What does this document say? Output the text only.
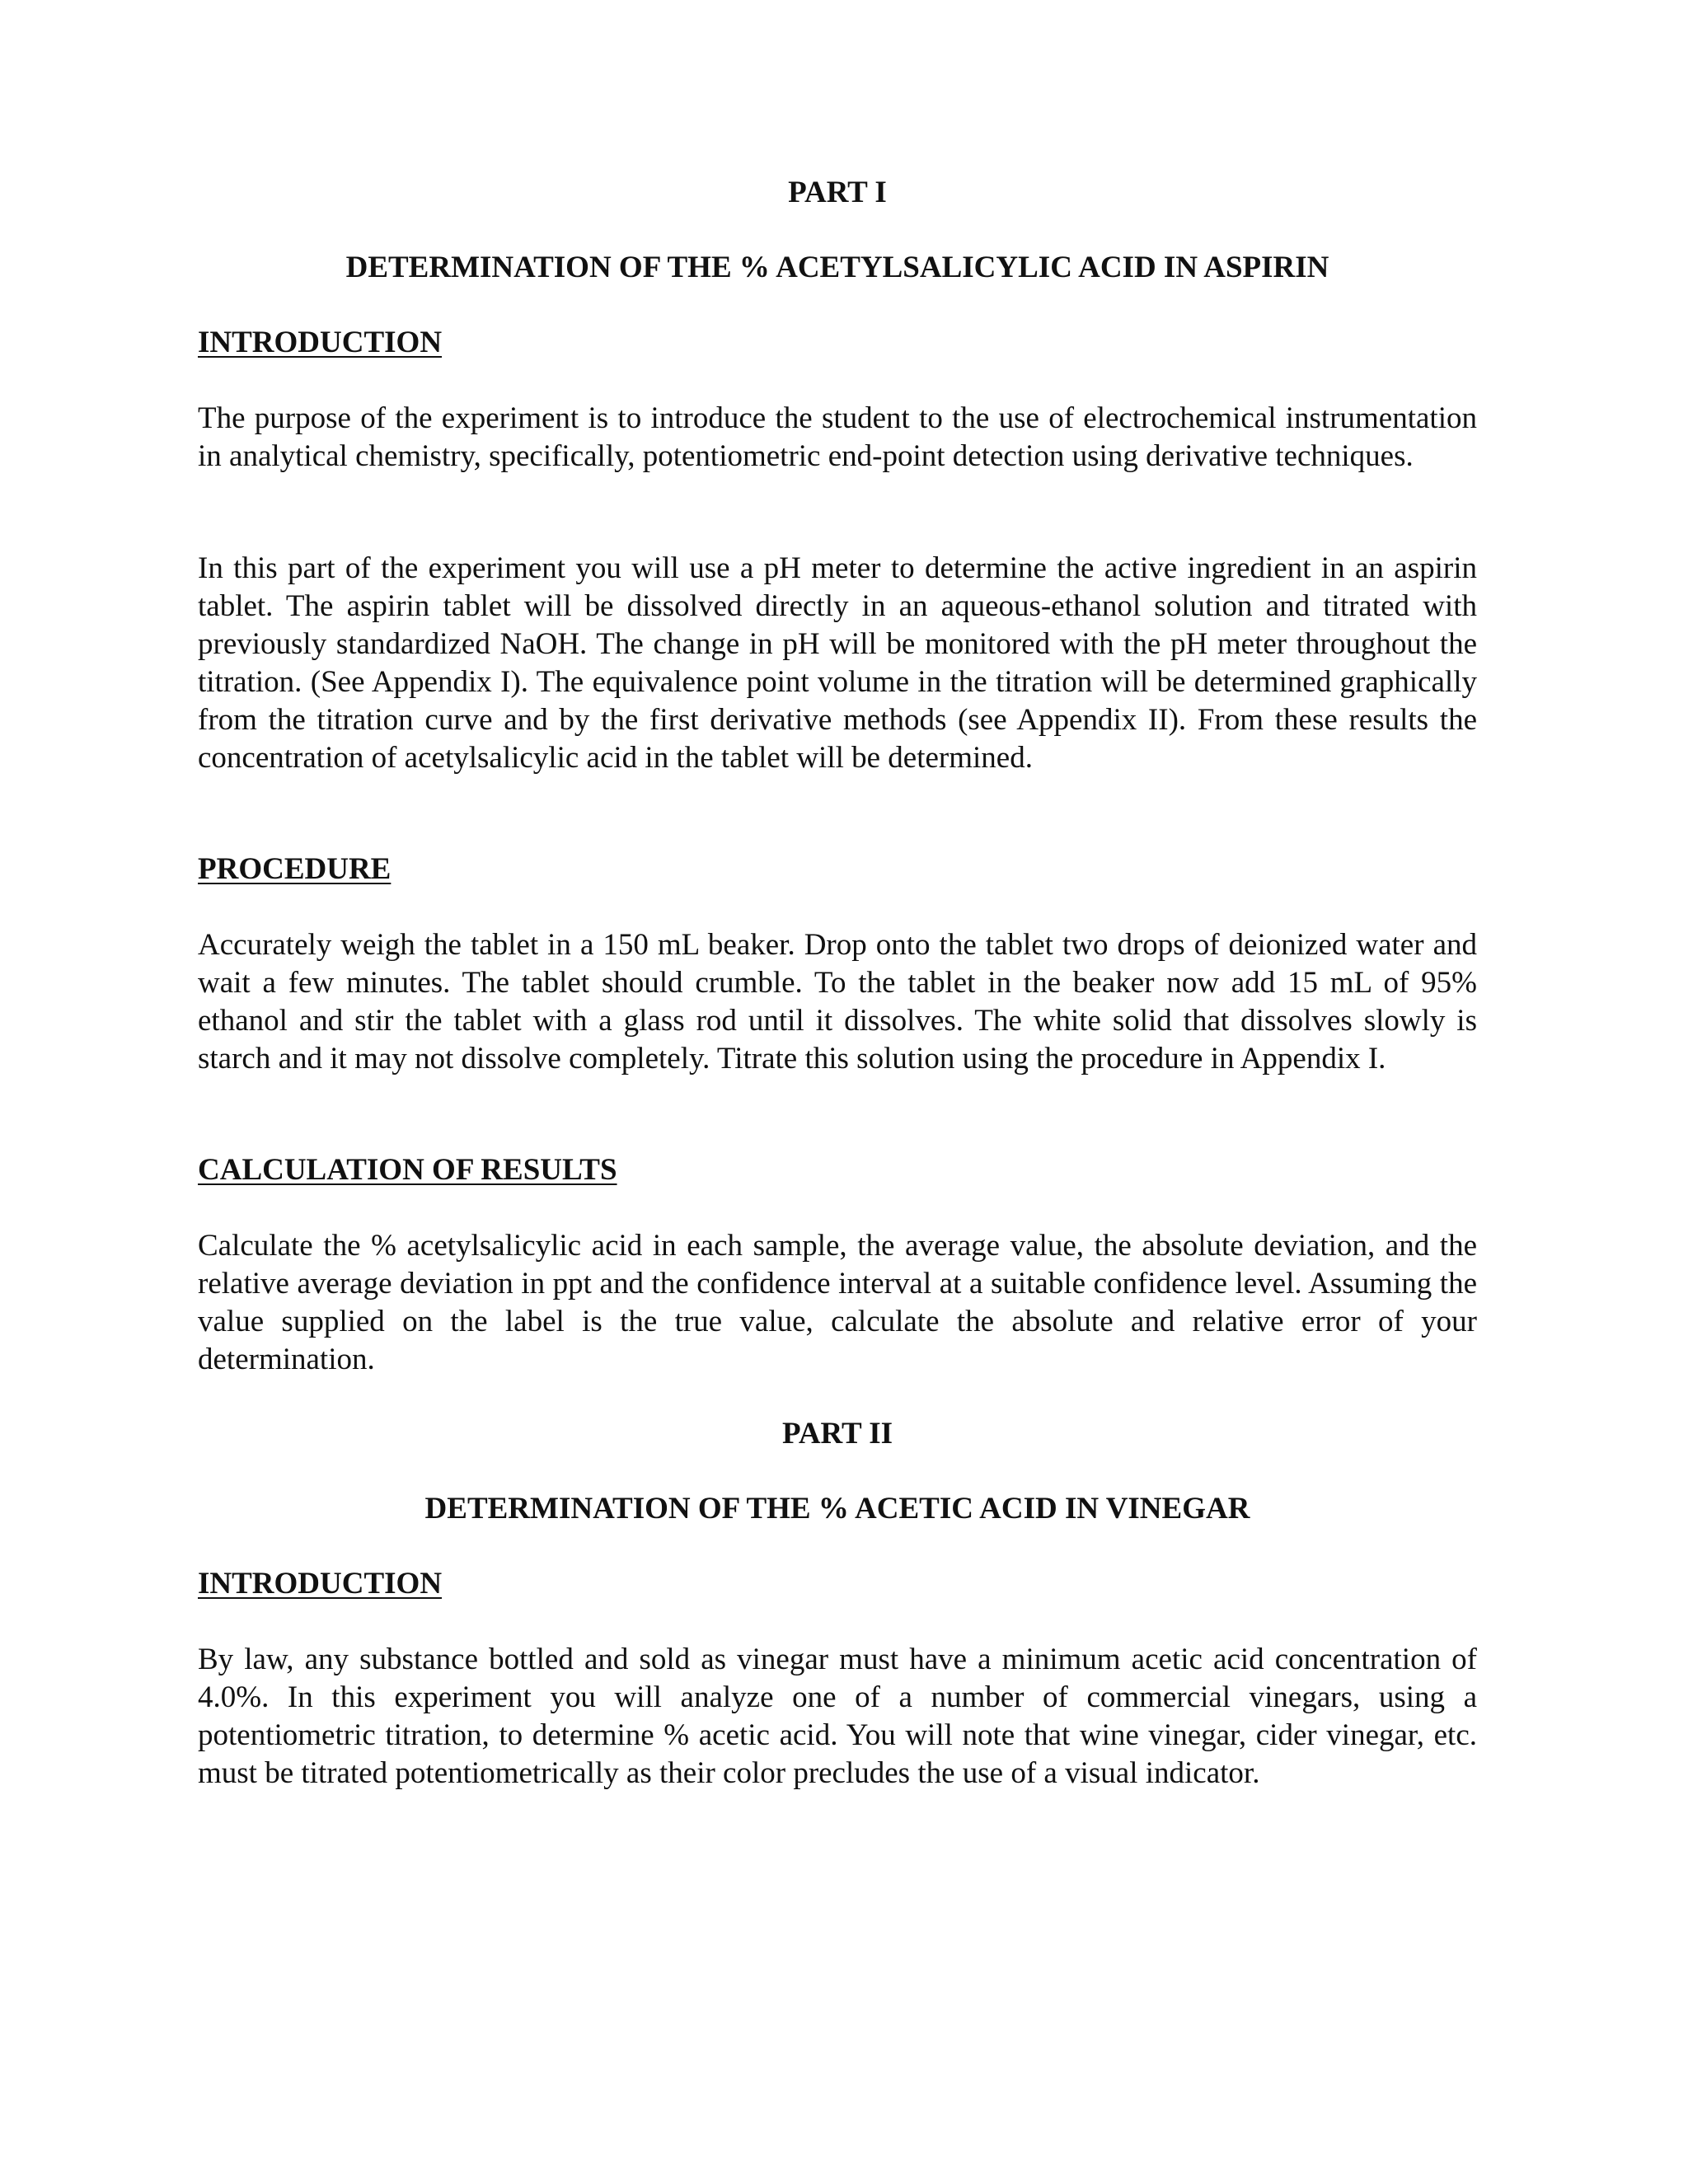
PART I
DETERMINATION OF THE % ACETYLSALICYLIC ACID IN ASPIRIN
INTRODUCTION

The purpose of the experiment is to introduce the student to the use of electrochemical instrumentation in analytical chemistry, specifically, potentiometric end-point detection using derivative techniques.

In this part of the experiment you will use a pH meter to determine the active ingredient in an aspirin tablet. The aspirin tablet will be dissolved directly in an aqueous-ethanol solution and titrated with previously standardized NaOH. The change in pH will be monitored with the pH meter throughout the titration. (See Appendix I). The equivalence point volume in the titration will be determined graphically from the titration curve and by the first derivative methods (see Appendix II). From these results the concentration of acetylsalicylic acid in the tablet will be determined.

PROCEDURE

Accurately weigh the tablet in a 150 mL beaker. Drop onto the tablet two drops of deionized water and wait a few minutes. The tablet should crumble. To the tablet in the beaker now add 15 mL of 95% ethanol and stir the tablet with a glass rod until it dissolves. The white solid that dissolves slowly is starch and it may not dissolve completely. Titrate this solution using the procedure in Appendix I.

CALCULATION OF RESULTS

Calculate the % acetylsalicylic acid in each sample, the average value, the absolute deviation, and the relative average deviation in ppt and the confidence interval at a suitable confidence level. Assuming the value supplied on the label is the true value, calculate the absolute and relative error of your determination.

PART II
DETERMINATION OF THE % ACETIC ACID IN VINEGAR
INTRODUCTION

By law, any substance bottled and sold as vinegar must have a minimum acetic acid concentration of 4.0%. In this experiment you will analyze one of a number of commercial vinegars, using a potentiometric titration, to determine % acetic acid. You will note that wine vinegar, cider vinegar, etc. must be titrated potentiometrically as their color precludes the use of a visual indicator.
